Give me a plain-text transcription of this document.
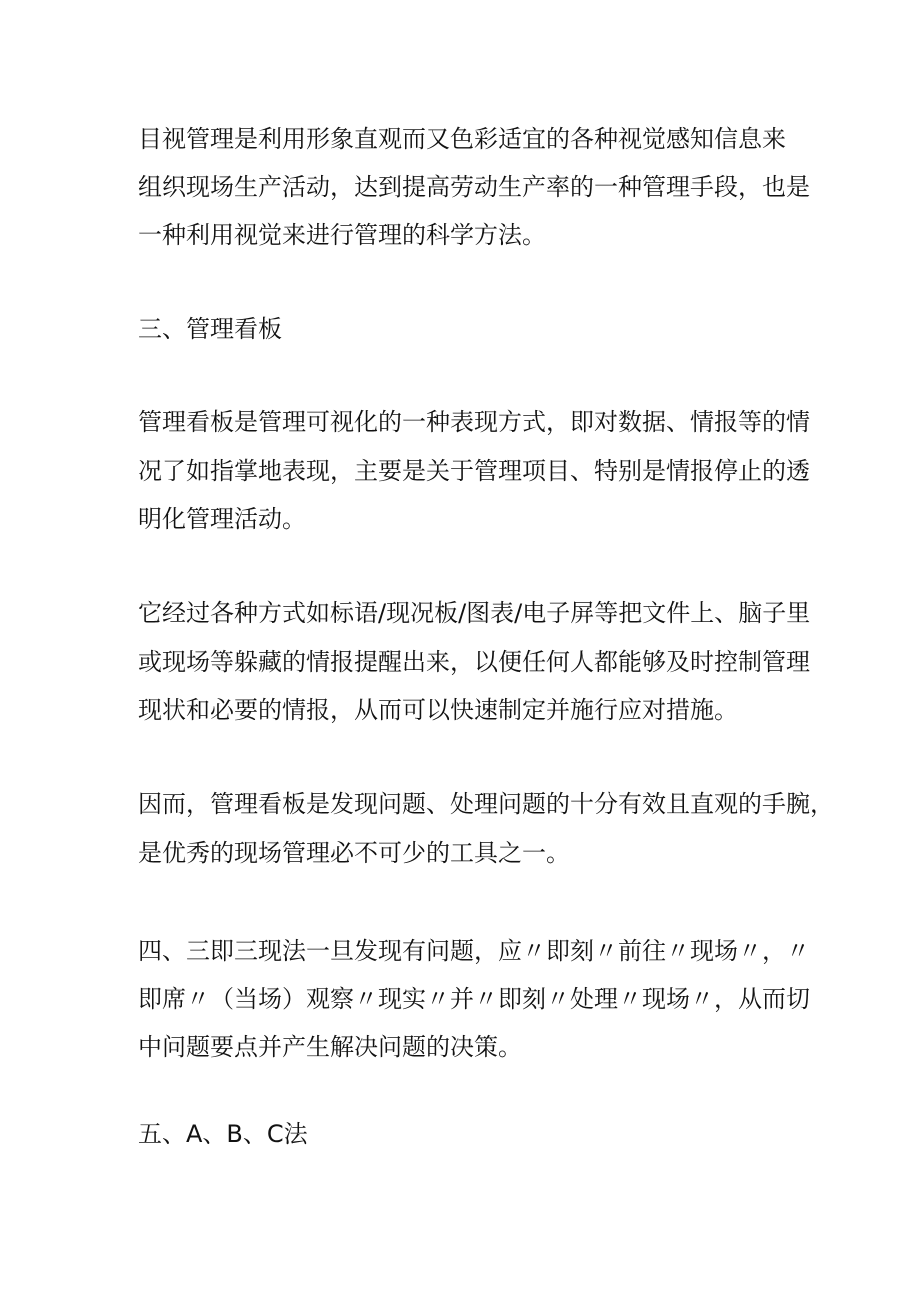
目视管理是利用形象直观而又色彩适宜的各种视觉感知信息来
组织现场生产活动，达到提高劳动生产率的一种管理手段，也是
一种利用视觉来进行管理的科学方法。
三、管理看板
管理看板是管理可视化的一种表现方式，即对数据、情报等的情
况了如指掌地表现，主要是关于管理项目、特别是情报停止的透
明化管理活动。
它经过各种方式如标语/现况板/图表/电子屏等把文件上、脑子里
或现场等躲藏的情报提醒出来，以便任何人都能够及时控制管理
现状和必要的情报，从而可以快速制定并施行应对措施。
因而，管理看板是发现问题、处理问题的十分有效且直观的手腕，
是优秀的现场管理必不可少的工具之一。
四、三即三现法一旦发现有问题，应〃即刻〃前往〃现场〃，〃
即席〃（当场）观察〃现实〃并〃即刻〃处理〃现场〃，从而切
中问题要点并产生解决问题的决策。
五、A、B、C法
